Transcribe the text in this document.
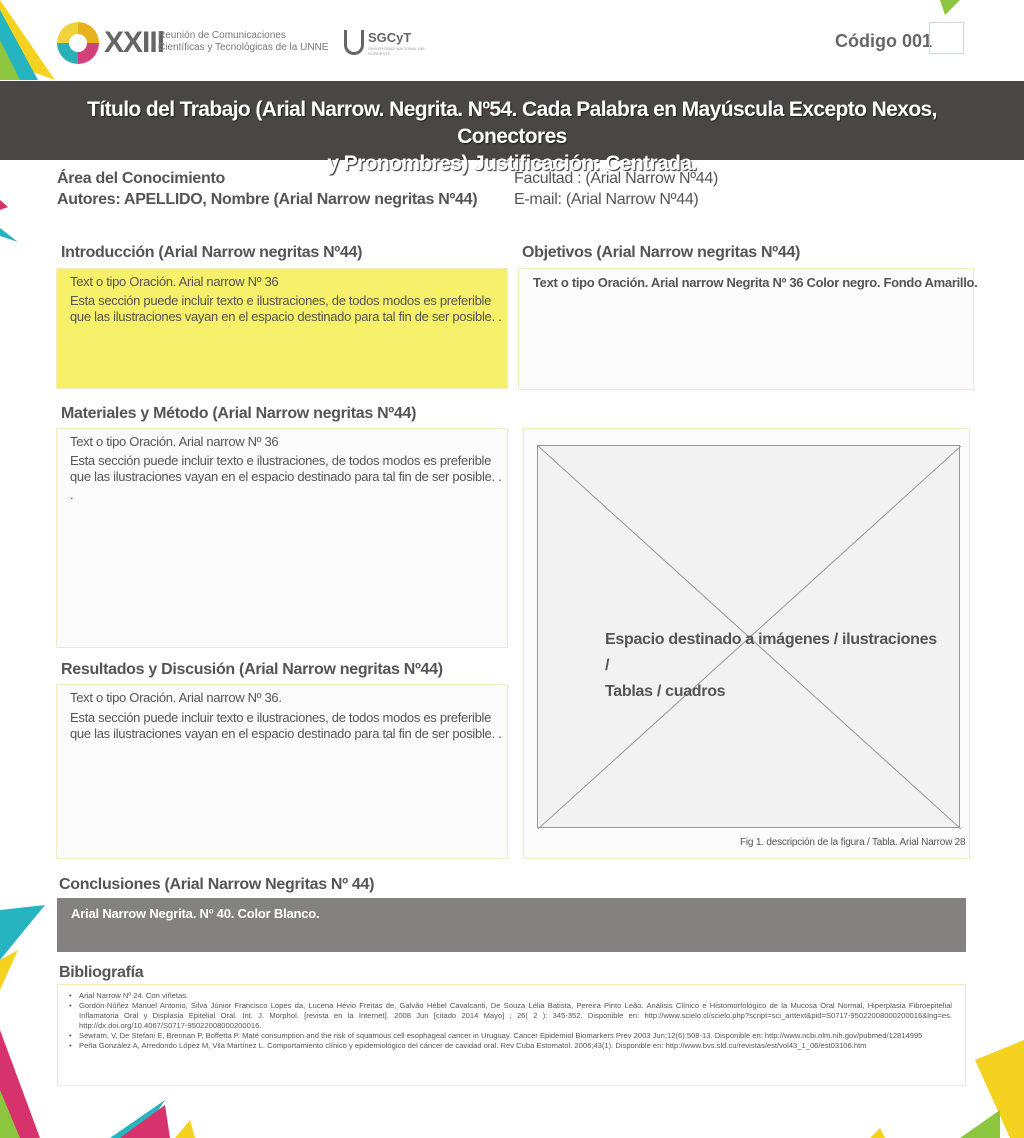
XXIII
Reunión de Comunicaciones
Científicas y Tecnológicas de la UNNE
SGCyT
UNIVERSIDAD NACIONAL DEL NORDESTE
Código 001
Título del Trabajo (Arial Narrow. Negrita. Nº54. Cada Palabra en Mayúscula Excepto Nexos, Conectores
y Pronombres) Justificación: Centrada.
Área del Conocimiento
Autores: APELLIDO, Nombre (Arial Narrow negritas Nº44)
Facultad : (Arial Narrow Nº44)
E-mail: (Arial Narrow Nº44)
Introducción (Arial Narrow negritas Nº44)
Text o tipo Oración. Arial narrow Nº 36
Esta sección puede incluir texto e ilustraciones, de todos modos es preferible
que las ilustraciones vayan en el espacio destinado para tal fin de ser posible. .
Objetivos (Arial Narrow negritas Nº44)
Text o tipo Oración. Arial narrow Negrita Nº 36 Color negro. Fondo Amarillo.
Materiales y Método (Arial Narrow negritas Nº44)
Text o tipo Oración. Arial narrow Nº 36
Esta sección puede incluir texto e ilustraciones, de todos modos es preferible
que las ilustraciones vayan en el espacio destinado para tal fin de ser posible. .
.
Resultados y Discusión (Arial Narrow negritas Nº44)
Text o tipo Oración. Arial narrow Nº 36.
Esta sección puede incluir texto e ilustraciones, de todos modos es preferible
que las ilustraciones vayan en el espacio destinado para tal fin de ser posible. .
Espacio destinado a imágenes / ilustraciones /
Tablas / cuadros
Fig 1. descripción de la figura / Tabla. Arial Narrow 28
Conclusiones (Arial Narrow Negritas Nº 44)
Arial Narrow Negrita. Nº 40. Color Blanco.
Bibliografía
• Arial Narrow Nº 24. Con viñetas.
• Gordón-Núñez Manuel Antonio, Silva Júnior Francisco Lopes da, Lucena Hévio Freitas de, Galvão Hébel Cavalcanti, De Souza Lélia Batista, Pereira Pinto Leão. Análisis Clínico e Histomorfológico de la Mucosa Oral Normal, Hiperplasia Fibroepitelial Inflamatoria Oral y Displasia Epitelial Oral. Int. J. Morphol. [revista en la Internet]. 2008 Jun [citado 2014 Mayo] ; 26( 2 ): 345-352. Disponible en: http://www.scielo.cl/scielo.php?script=sci_arttext&pid=S0717-95022008000200016&lng=es. http://dx.doi.org/10.4067/S0717-95022008000200016.
• Sewram, V, De Stefani E, Brennan P, Boffetta P. Maté consumption and the risk of squamous cell esophageal cancer in Uruguay. Cancer Epidemiol Biomarkers Prev 2003 Jun;12(6):508-13. Disponible en: http://www.ncbi.nlm.nih.gov/pubmed/12814995
• Peña González A, Arredondo López M, Vila Martínez L. Comportamiento clínico y epidemiológico del cáncer de cavidad oral. Rev Cuba Estomatol. 2006;43(1). Disponible en: http://www.bvs.sld.cu/revistas/est/vol43_1_06/est03106.htm
